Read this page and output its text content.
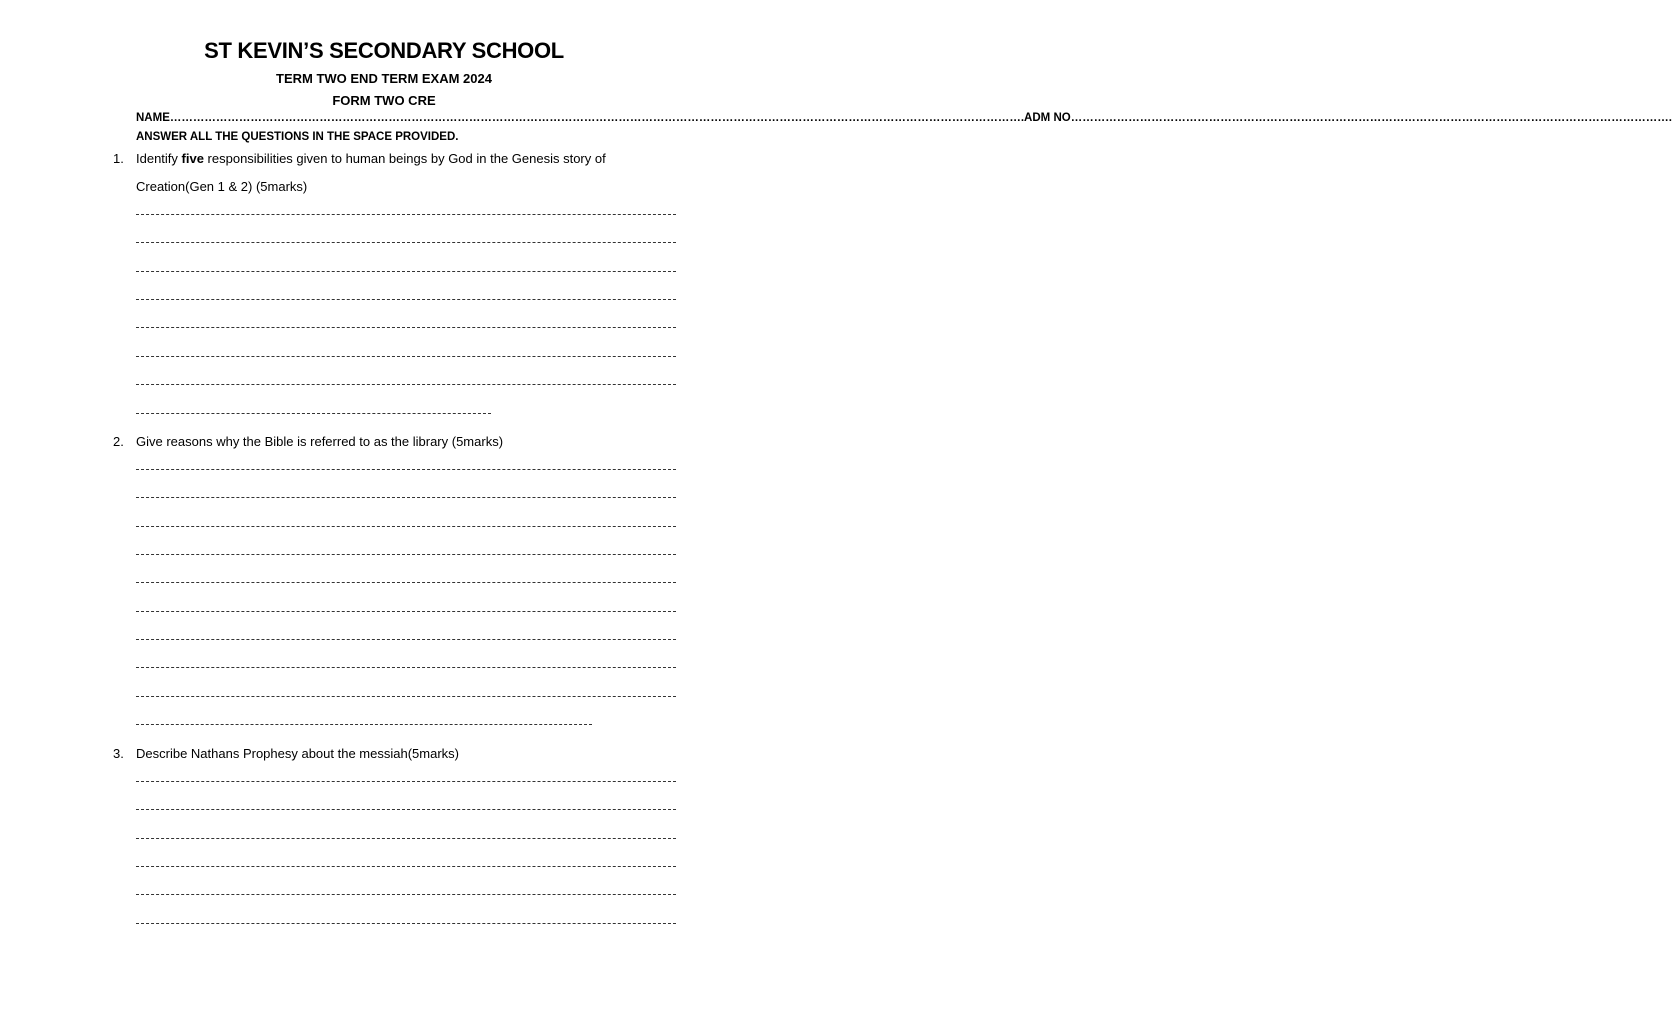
ST KEVIN’S SECONDARY SCHOOL
TERM TWO END TERM EXAM 2024
FORM TWO CRE
NAME…………………………………………………………………………………………………………………………………………………………………………………………………….ADM NO………………………………………………………………………………………………………………………………………….
ANSWER ALL THE QUESTIONS IN THE SPACE PROVIDED.
1. Identify five responsibilities given to human beings by God in the Genesis story of
Creation(Gen 1 & 2) (5marks)
2. Give reasons why the Bible is referred to as the library (5marks)
3. Describe Nathans Prophesy about the messiah(5marks)
